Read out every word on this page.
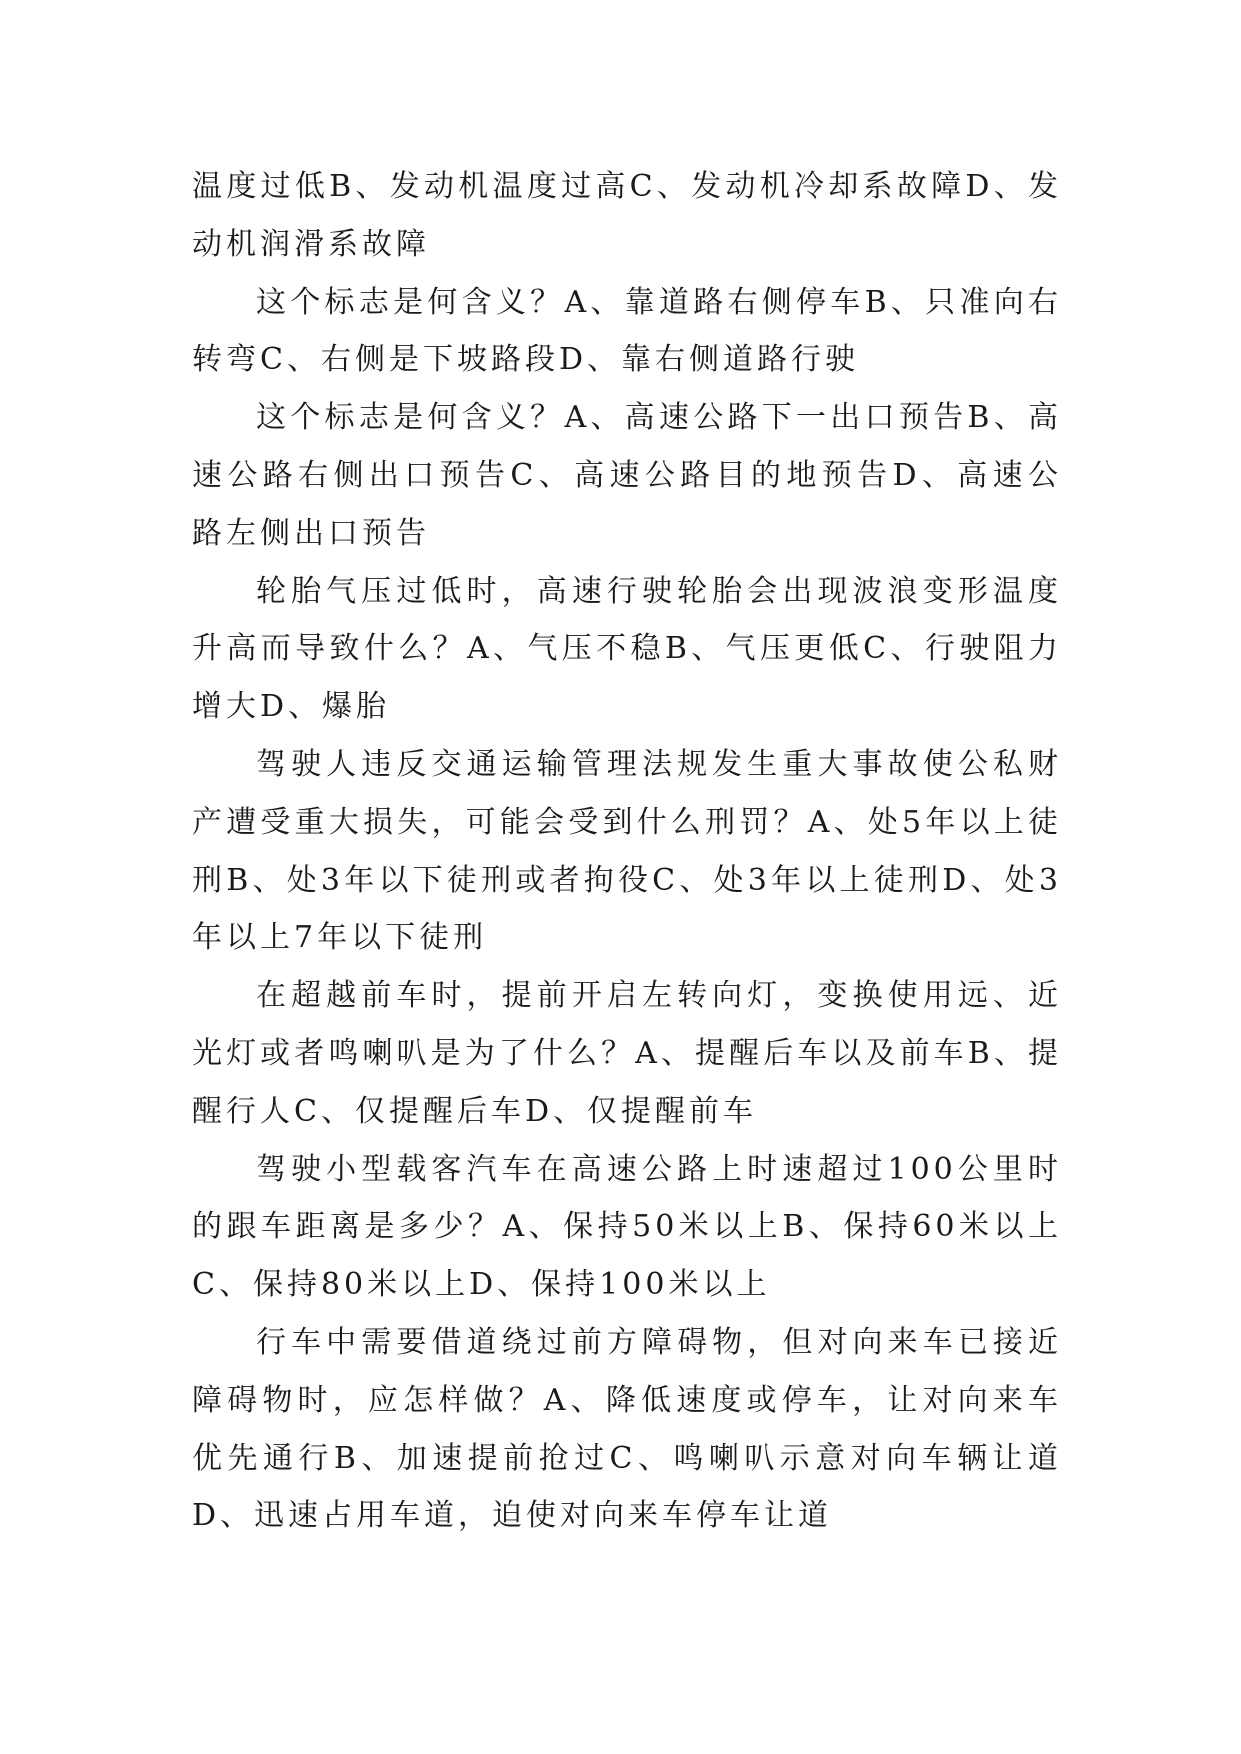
温度过低B、发动机温度过高C、发动机冷却系故障D、发动机润滑系故障

这个标志是何含义？A、靠道路右侧停车B、只准向右转弯C、右侧是下坡路段D、靠右侧道路行驶

这个标志是何含义？A、高速公路下一出口预告B、高速公路右侧出口预告C、高速公路目的地预告D、高速公路左侧出口预告

轮胎气压过低时，高速行驶轮胎会出现波浪变形温度升高而导致什么？A、气压不稳B、气压更低C、行驶阻力增大D、爆胎

驾驶人违反交通运输管理法规发生重大事故使公私财产遭受重大损失，可能会受到什么刑罚？A、处5年以上徒刑B、处3年以下徒刑或者拘役C、处3年以上徒刑D、处3年以上7年以下徒刑

在超越前车时，提前开启左转向灯，变换使用远、近光灯或者鸣喇叭是为了什么？A、提醒后车以及前车B、提醒行人C、仅提醒后车D、仅提醒前车

驾驶小型载客汽车在高速公路上时速超过100公里时的跟车距离是多少？A、保持50米以上B、保持60米以上C、保持80米以上D、保持100米以上

行车中需要借道绕过前方障碍物，但对向来车已接近障碍物时，应怎样做？A、降低速度或停车，让对向来车优先通行B、加速提前抢过C、鸣喇叭示意对向车辆让道D、迅速占用车道，迫使对向来车停车让道
